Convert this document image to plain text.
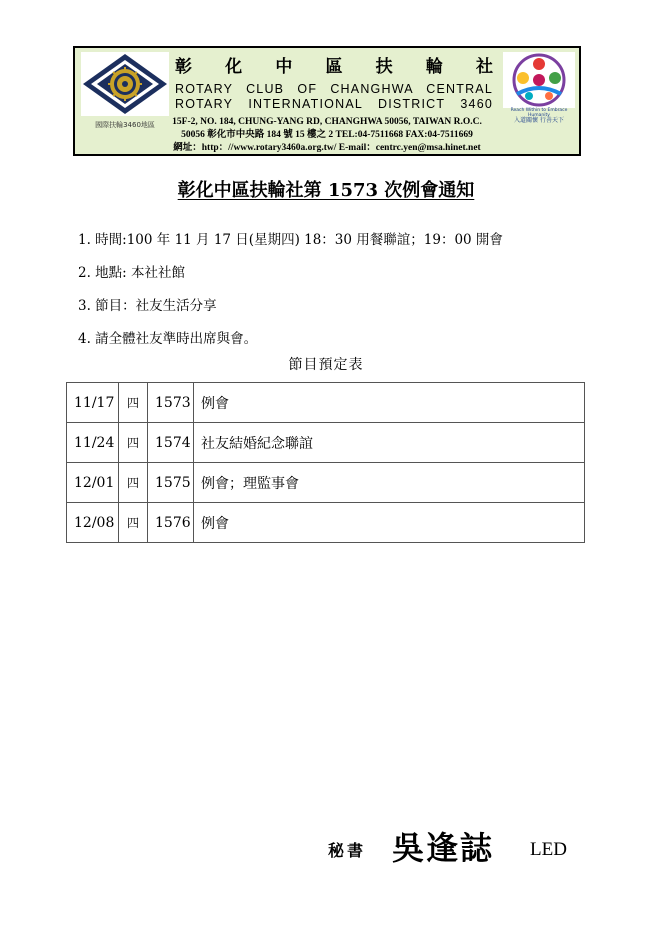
國際扶輪3460地區
彰 化 中 區 扶 輪 社
ROTARY CLUB OF CHANGHWA CENTRAL
ROTARY INTERNATIONAL DISTRICT 3460	Reach Within to Embrace Humanity
入道關懷 行善天下
15F-2, NO. 184, CHUNG-YANG RD, CHANGHWA 50056, TAIWAN R.O.C.
50056 彰化市中央路 184 號 15 樓之 2 TEL:04-7511668 FAX:04-7511669
網址：http：//www.rotary3460a.org.tw/ E-mail：centrc.yen@msa.hinet.net
彰化中區扶輪社第 1573 次例會通知
1. 時間:100 年 11 月 17 日(星期四) 18：30 用餐聯誼；19：00 開會
2. 地點: 本社社館
3. 節目：社友生活分享
4. 請全體社友準時出席與會。
節目預定表
11/17	四	1573	例會
11/24	四	1574	社友結婚紀念聯誼
12/01	四	1575	例會；理監事會
12/08	四	1576	例會
秘書 吳逢誌 LED
